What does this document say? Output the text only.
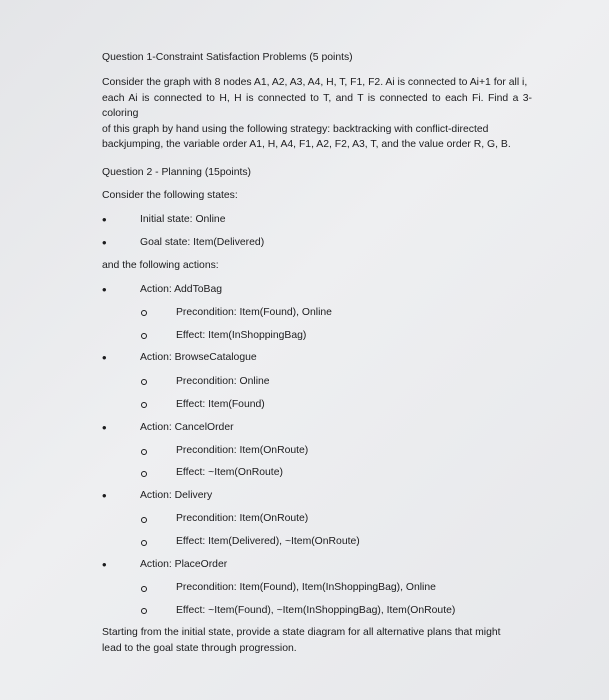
Question 1-Constraint Satisfaction Problems (5 points)
Consider the graph with 8 nodes A1, A2, A3, A4, H, T, F1, F2. Ai is connected to Ai+1 for all i,
each Ai is connected to H, H is connected to T, and T is connected to each Fi. Find a 3-coloring
of this graph by hand using the following strategy: backtracking with conflict-directed
backjumping, the variable order A1, H, A4, F1, A2, F2, A3, T, and the value order R, G, B.
Question 2 - Planning (15points)
Consider the following states:
•	Initial state: Online
•	Goal state: Item(Delivered)
and the following actions:
•	Action: AddToBag
Precondition: Item(Found), Online
Effect: Item(InShoppingBag)
•	Action: BrowseCatalogue
Precondition: Online
Effect: Item(Found)
•	Action: CancelOrder
Precondition: Item(OnRoute)
Effect: ~Item(OnRoute)
•	Action: Delivery
Precondition: Item(OnRoute)
Effect: Item(Delivered), ~Item(OnRoute)
•	Action: PlaceOrder
Precondition: Item(Found), Item(InShoppingBag), Online
Effect: ~Item(Found), ~Item(InShoppingBag), Item(OnRoute)
Starting from the initial state, provide a state diagram for all alternative plans that might
lead to the goal state through progression.
